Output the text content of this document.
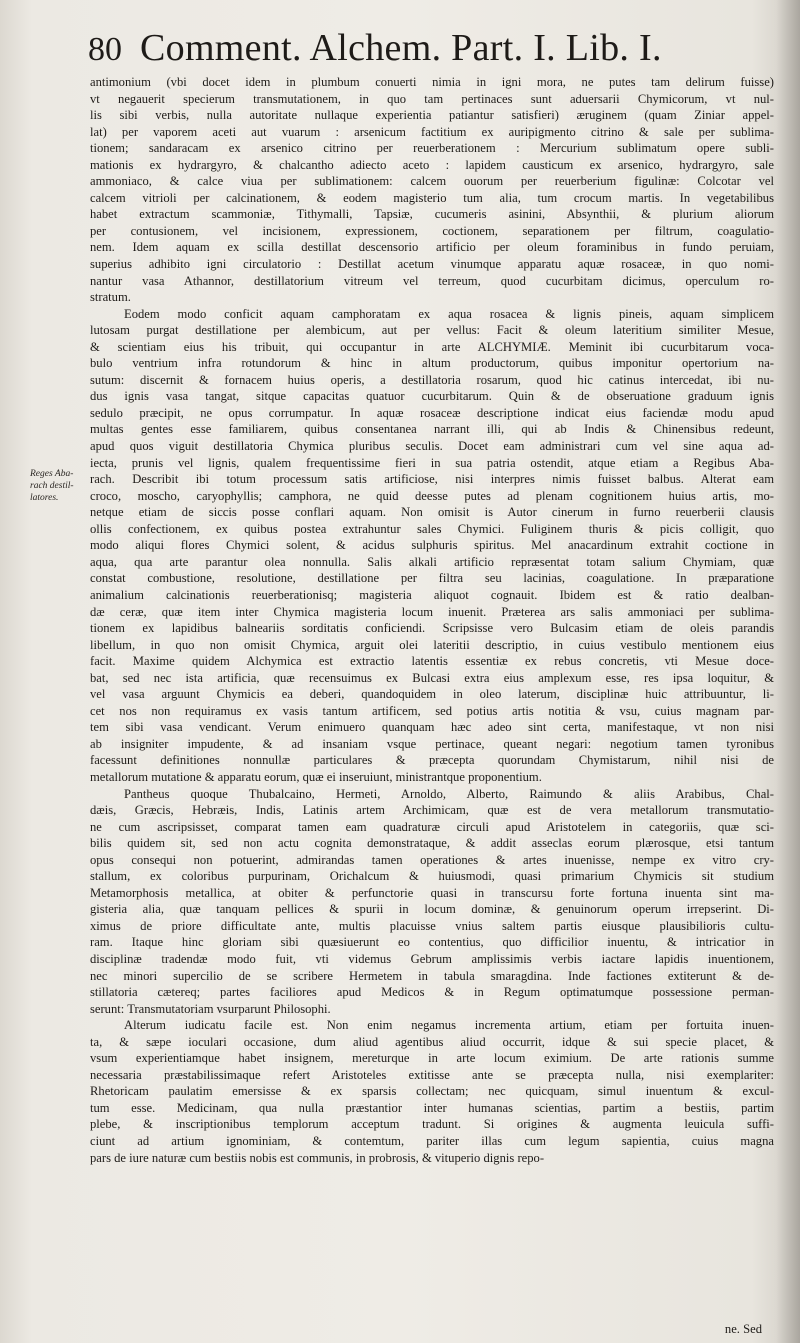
80 Comment. Alchem. Part. I. Lib. I.
Reges Aba-
rach destil-
latores.
antimonium (vbi docet idem in plumbum conuerti nimia in igni mora, ne putes tam delirum fuisse)
vt negauerit specierum transmutationem, in quo tam pertinaces sunt aduersarii Chymicorum, vt nul-
lis sibi verbis, nulla autoritate nullaque experientia patiantur satisfieri) æruginem (quam Ziniar appel-
lat) per vaporem aceti aut vuarum : arsenicum factitium ex auripigmento citrino & sale per sublima-
tionem; sandaracam ex arsenico citrino per reuerberationem : Mercurium sublimatum opere subli-
mationis ex hydrargyro, & chalcantho adiecto aceto : lapidem causticum ex arsenico, hydrargyro, sale
ammoniaco, & calce viua per sublimationem: calcem ouorum per reuerberium figulinæ: Colcotar vel
calcem vitrioli per calcinationem, & eodem magisterio tum alia, tum crocum martis. In vegetabilibus
habet extractum scammoniæ, Tithymalli, Tapsiæ, cucumeris asinini, Absynthii, & plurium aliorum
per contusionem, vel incisionem, expressionem, coctionem, separationem per filtrum, coagulatio-
nem. Idem aquam ex scilla destillat descensorio artificio per oleum foraminibus in fundo peruiam,
superius adhibito igni circulatorio : Destillat acetum vinumque apparatu aquæ rosaceæ, in quo nomi-
nantur vasa Athannor, destillatorium vitreum vel terreum, quod cucurbitam dicimus, operculum ro-
stratum.
Eodem modo conficit aquam camphoratam ex aqua rosacea & lignis pineis, aquam simplicem
lutosam purgat destillatione per alembicum, aut per vellus: Facit & oleum lateritium similiter Mesue,
& scientiam eius his tribuit, qui occupantur in arte ALCHYMIÆ. Meminit ibi cucurbitarum voca-
bulo ventrium infra rotundorum & hinc in altum productorum, quibus imponitur opertorium na-
sutum: discernit & fornacem huius operis, a destillatoria rosarum, quod hic catinus intercedat, ibi nu-
dus ignis vasa tangat, sitque capacitas quatuor cucurbitarum. Quin & de obseruatione graduum ignis
sedulo præcipit, ne opus corrumpatur. In aquæ rosaceæ descriptione indicat eius faciendæ modu apud
multas gentes esse familiarem, quibus consentanea narrant illi, qui ab Indis & Chinensibus redeunt,
apud quos viguit destillatoria Chymica pluribus seculis. Docet eam administrari cum vel sine aqua ad-
iecta, prunis vel lignis, qualem frequentissime fieri in sua patria ostendit, atque etiam a Regibus Aba-
rach. Describit ibi totum processum satis artificiose, nisi interpres nimis fuisset balbus. Alterat eam
croco, moscho, caryophyllis; camphora, ne quid deesse putes ad plenam cognitionem huius artis, mo-
netque etiam de siccis posse conflari aquam. Non omisit is Autor cinerum in furno reuerberii clausis
ollis confectionem, ex quibus postea extrahuntur sales Chymici. Fuliginem thuris & picis colligit, quo
modo aliqui flores Chymici solent, & acidus sulphuris spiritus. Mel anacardinum extrahit coctione in
aqua, qua arte parantur olea nonnulla. Salis alkali artificio repræsentat totam salium Chymiam, quæ
constat combustione, resolutione, destillatione per filtra seu lacinias, coagulatione. In præparatione
animalium calcinationis reuerberationisq; magisteria aliquot cognauit. Ibidem est & ratio dealban-
dæ ceræ, quæ item inter Chymica magisteria locum inuenit. Præterea ars salis ammoniaci per sublima-
tionem ex lapidibus balneariis sorditatis conficiendi. Scripsisse vero Bulcasim etiam de oleis parandis
libellum, in quo non omisit Chymica, arguit olei lateritii descriptio, in cuius vestibulo mentionem eius
facit. Maxime quidem Alchymica est extractio latentis essentiæ ex rebus concretis, vti Mesue doce-
bat, sed nec ista artificia, quæ recensuimus ex Bulcasi extra eius amplexum esse, res ipsa loquitur, &
vel vasa arguunt Chymicis ea deberi, quandoquidem in oleo laterum, disciplinæ huic attribuuntur, li-
cet nos non requiramus ex vasis tantum artificem, sed potius artis notitia & vsu, cuius magnam par-
tem sibi vasa vendicant. Verum enimuero quanquam hæc adeo sint certa, manifestaque, vt non nisi
ab insigniter impudente, & ad insaniam vsque pertinace, queant negari: negotium tamen tyronibus
facessunt definitiones nonnullæ particulares & præcepta quorundam Chymistarum, nihil nisi de
metallorum mutatione & apparatu eorum, quæ ei inseruiunt, ministrantque proponentium.
Pantheus quoque Thubalcaino, Hermeti, Arnoldo, Alberto, Raimundo & aliis Arabibus, Chal-
dæis, Græcis, Hebræis, Indis, Latinis artem Archimicam, quæ est de vera metallorum transmutatio-
ne cum ascripsisset, comparat tamen eam quadraturæ circuli apud Aristotelem in categoriis, quæ sci-
bilis quidem sit, sed non actu cognita demonstrataque, & addit asseclas eorum plærosque, etsi tantum
opus consequi non potuerint, admirandas tamen operationes & artes inuenisse, nempe ex vitro cry-
stallum, ex coloribus purpurinam, Orichalcum & huiusmodi, quasi primarium Chymicis sit studium
Metamorphosis metallica, at obiter & perfunctorie quasi in transcursu forte fortuna inuenta sint ma-
gisteria alia, quæ tanquam pellices & spurii in locum dominæ, & genuinorum operum irrepserint. Di-
ximus de priore difficultate ante, multis placuisse vnius saltem partis eiusque plausibilioris cultu-
ram. Itaque hinc gloriam sibi quæsiuerunt eo contentius, quo difficilior inuentu, & intricatior in
disciplinæ tradendæ modo fuit, vti videmus Gebrum amplissimis verbis iactare lapidis inuentionem,
nec minori supercilio de se scribere Hermetem in tabula smaragdina. Inde factiones extiterunt & de-
stillatoria cætereq; partes faciliores apud Medicos & in Regum optimatumque possessione perman-
serunt: Transmutatoriam vsurparunt Philosophi.
Alterum iudicatu facile est. Non enim negamus incrementa artium, etiam per fortuita inuen-
ta, & sæpe ioculari occasione, dum aliud agentibus aliud occurrit, idque & sui specie placet, &
vsum experientiamque habet insignem, mereturque in arte locum eximium. De arte rationis summe
necessaria præstabilissimaque refert Aristoteles extitisse ante se præcepta nulla, nisi exemplariter:
Rhetoricam paulatim emersisse & ex sparsis collectam; nec quicquam, simul inuentum & excul-
tum esse. Medicinam, qua nulla præstantior inter humanas scientias, partim a bestiis, partim
plebe, & inscriptionibus templorum acceptum tradunt. Si origines & augmenta leuicula suffi-
ciunt ad artium ignominiam, & contemtum, pariter illas cum legum sapientia, cuius magna
pars de iure naturæ cum bestiis nobis est communis, in probrosis, & vituperio dignis repo-
ne. Sed
